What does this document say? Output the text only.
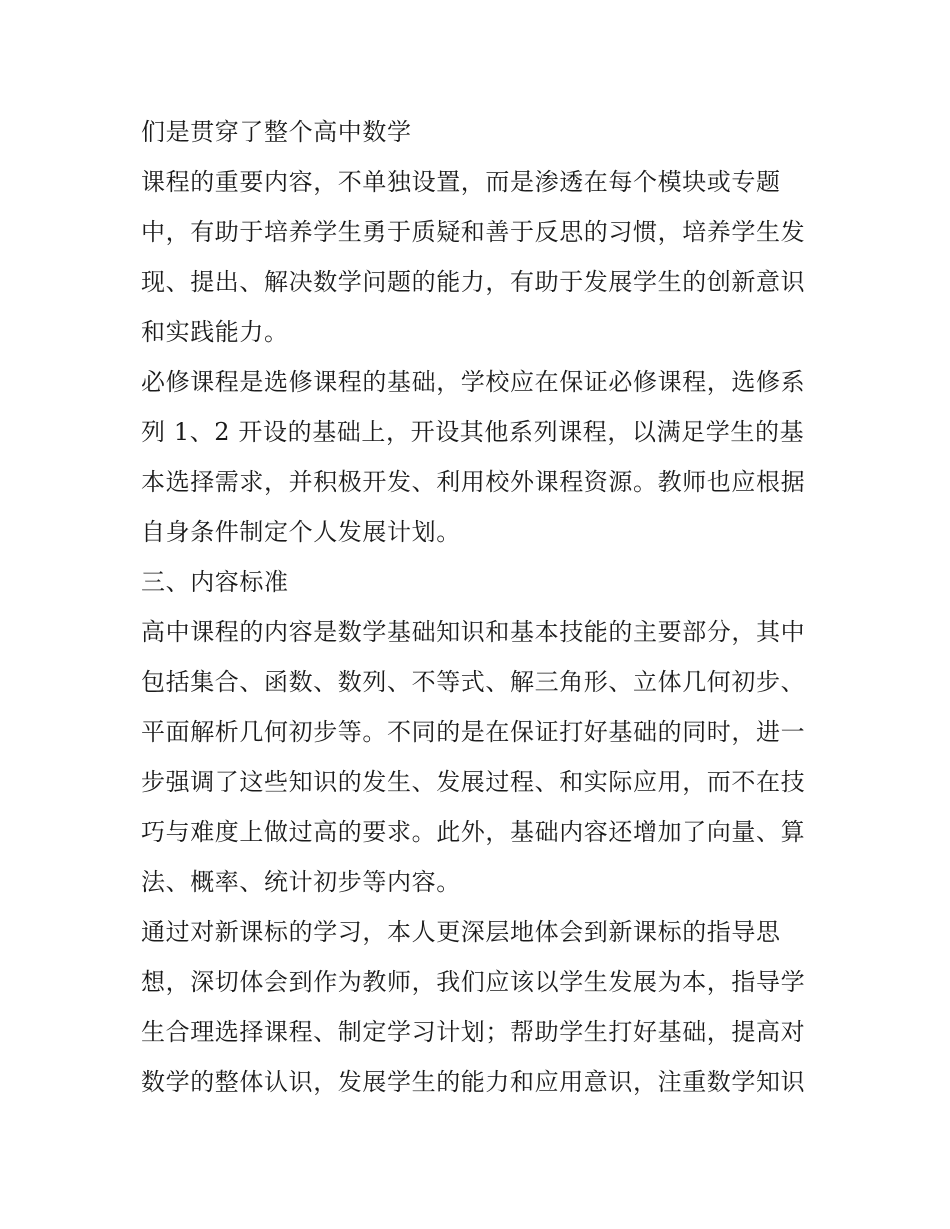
们是贯穿了整个高中数学
课程的重要内容，不单独设置，而是渗透在每个模块或专题
中，有助于培养学生勇于质疑和善于反思的习惯，培养学生发
现、提出、解决数学问题的能力，有助于发展学生的创新意识
和实践能力。
必修课程是选修课程的基础，学校应在保证必修课程，选修系
列 1、2 开设的基础上，开设其他系列课程，以满足学生的基
本选择需求，并积极开发、利用校外课程资源。教师也应根据
自身条件制定个人发展计划。
三、内容标准
高中课程的内容是数学基础知识和基本技能的主要部分，其中
包括集合、函数、数列、不等式、解三角形、立体几何初步、
平面解析几何初步等。不同的是在保证打好基础的同时，进一
步强调了这些知识的发生、发展过程、和实际应用，而不在技
巧与难度上做过高的要求。此外，基础内容还增加了向量、算
法、概率、统计初步等内容。
通过对新课标的学习，本人更深层地体会到新课标的指导思
想，深切体会到作为教师，我们应该以学生发展为本，指导学
生合理选择课程、制定学习计划；帮助学生打好基础，提高对
数学的整体认识，发展学生的能力和应用意识，注重数学知识
